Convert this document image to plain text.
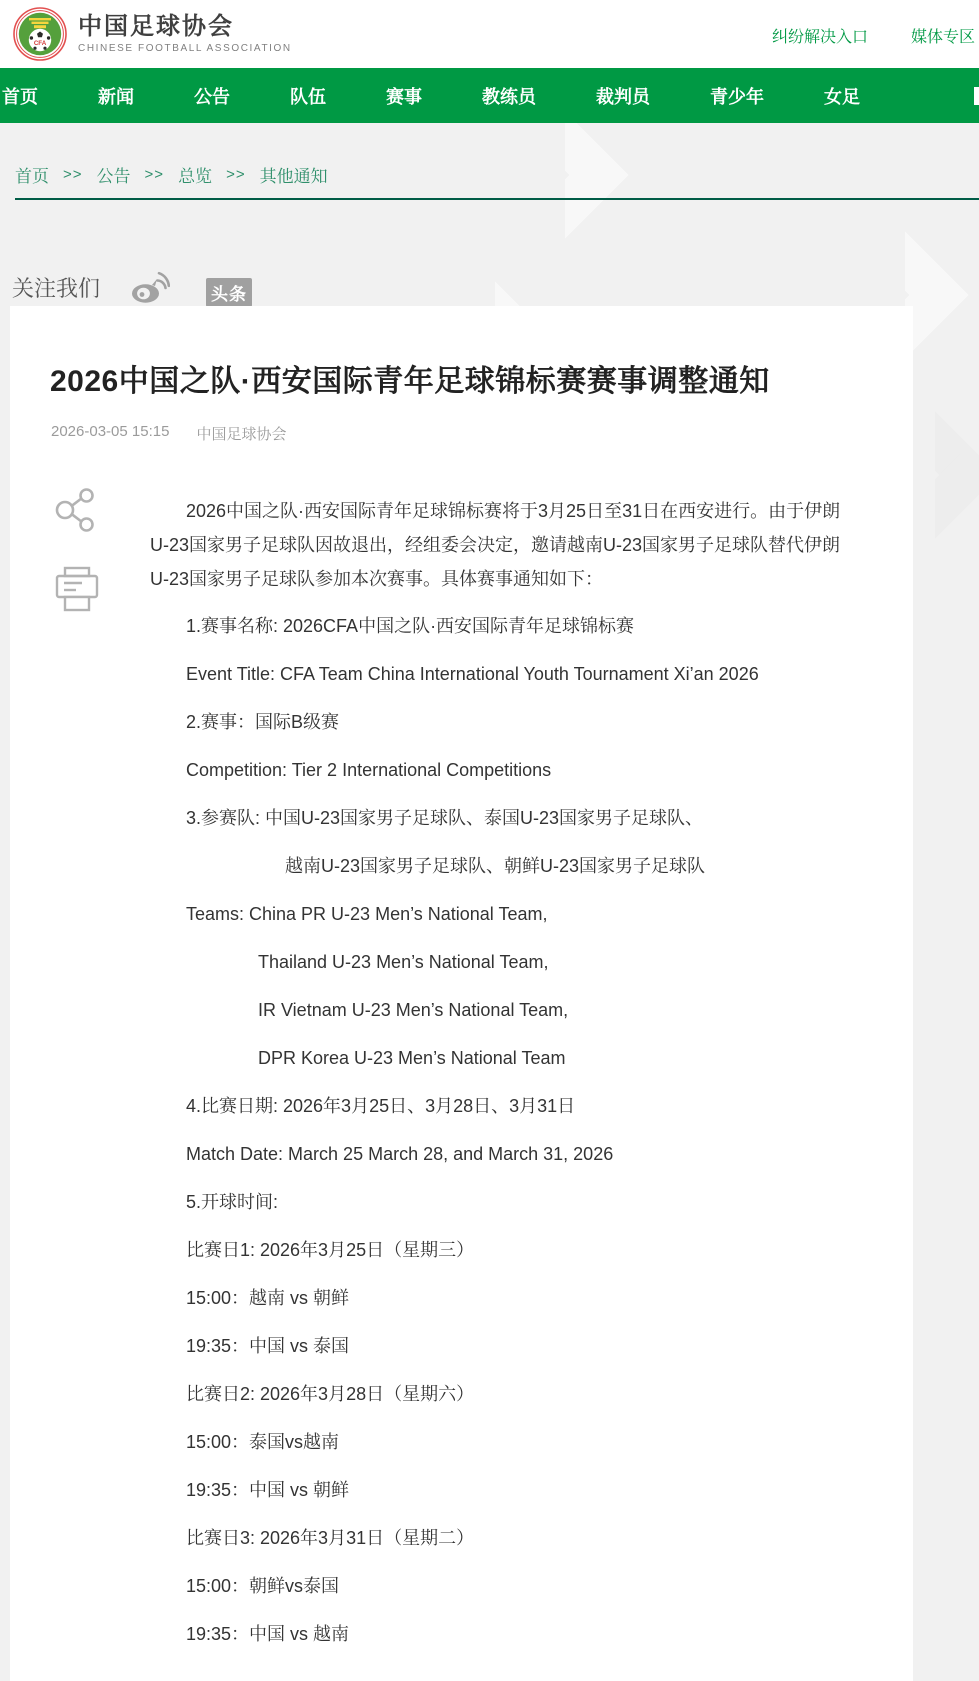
CFA
中国足球协会
CHINESE FOOTBALL ASSOCIATION
纠纷解决入口	媒体专区
首页	新闻	公告	队伍	赛事	教练员	裁判员	青少年	女足
首页 >> 公告 >> 总览 >> 其他通知
关注我们	头条
2026中国之队·西安国际青年足球锦标赛赛事调整通知
2026-03-05 15:15 中国足球协会
2026中国之队·西安国际青年足球锦标赛将于3月25日至31日在西安进行。由于伊朗
U-23国家男子足球队因故退出，经组委会决定，邀请越南U-23国家男子足球队替代伊朗
U-23国家男子足球队参加本次赛事。具体赛事通知如下：
1.赛事名称: 2026CFA中国之队·西安国际青年足球锦标赛
Event Title: CFA Team China International Youth Tournament Xi’an 2026
2.赛事：国际B级赛
Competition: Tier 2 International Competitions
3.参赛队: 中国U-23国家男子足球队、泰国U-23国家男子足球队、
越南U-23国家男子足球队、朝鲜U-23国家男子足球队
Teams: China PR U-23 Men’s National Team,
Thailand U-23 Men’s National Team,
IR Vietnam U-23 Men’s National Team,
DPR Korea U-23 Men’s National Team
4.比赛日期: 2026年3月25日、3月28日、3月31日
Match Date: March 25 March 28, and March 31, 2026
5.开球时间:
比赛日1: 2026年3月25日（星期三）
15:00：越南 vs 朝鲜
19:35：中国 vs 泰国
比赛日2: 2026年3月28日（星期六）
15:00：泰国vs越南
19:35：中国 vs 朝鲜
比赛日3: 2026年3月31日（星期二）
15:00：朝鲜vs泰国
19:35：中国 vs 越南
